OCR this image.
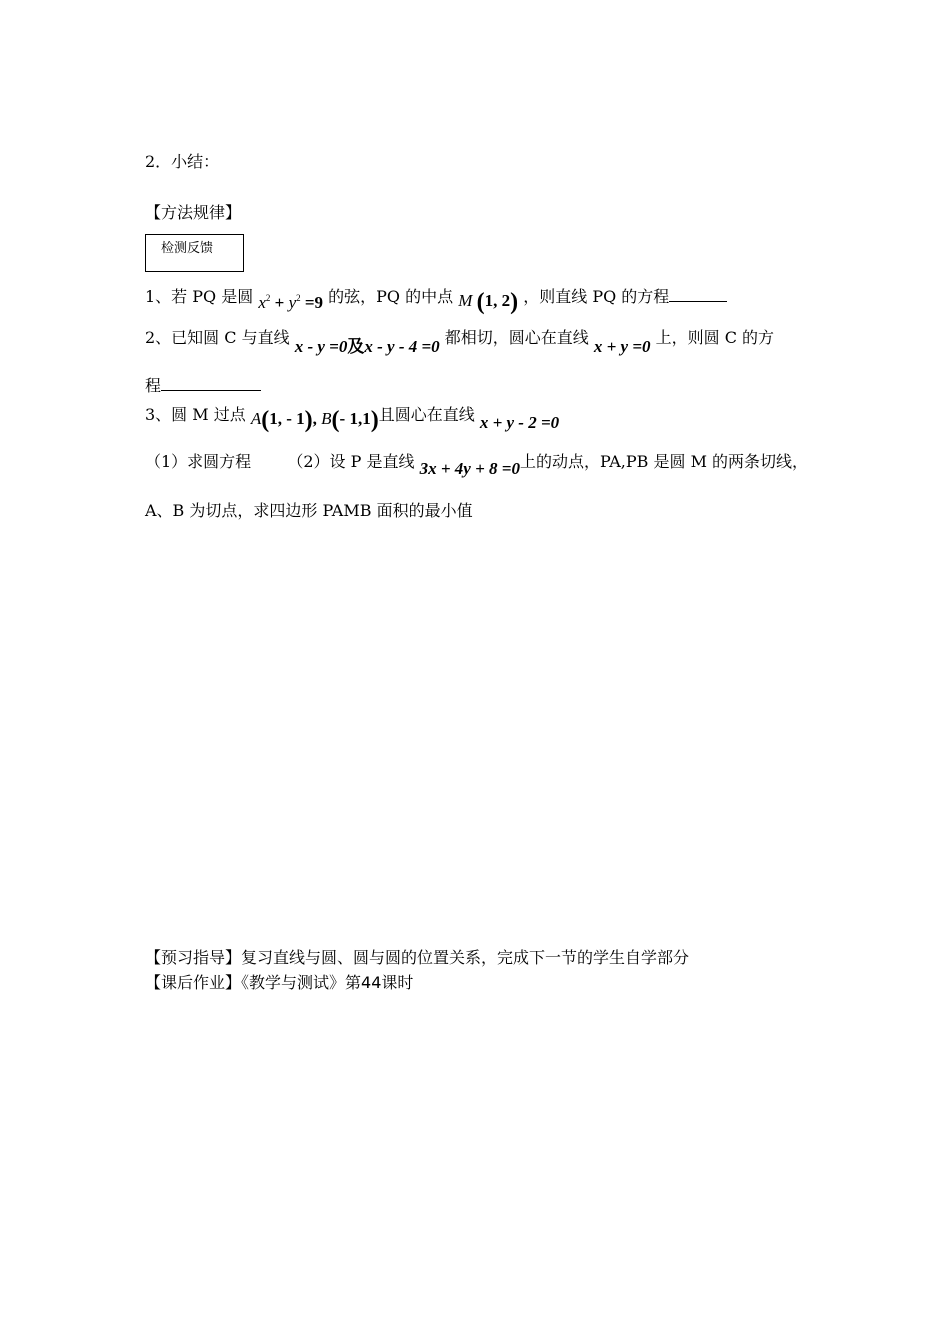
2．小结：
【方法规律】
检测反馈
1、若 PQ 是圆 $x^2 + y^2 =9$ 的弦，PQ 的中点 M (1, 2) ，则直线 PQ 的方程
2、已知圆 C 与直线 x - y =0及x - y - 4 =0 都相切，圆心在直线 x + y =0 上，则圆 C 的方
程
3、圆 M 过点 A(1, - 1), B(- 1,1)且圆心在直线 x + y - 2 =0
（1）求圆方程 （2）设 P 是直线 3x + 4y + 8 =0上的动点，PA,PB 是圆 M 的两条切线，
A、B 为切点，求四边形 PAMB 面积的最小值
【预习指导】复习直线与圆、圆与圆的位置关系，完成下一节的学生自学部分
【课后作业】《教学与测试》第44课时
